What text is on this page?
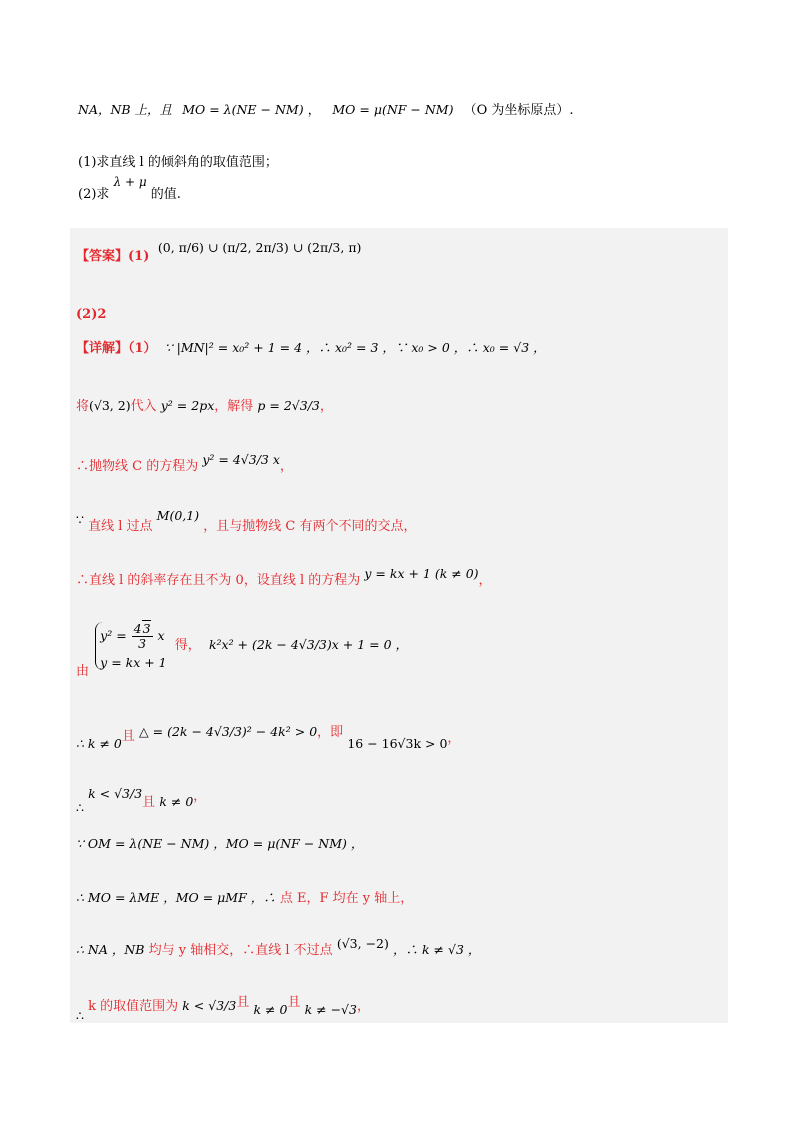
NA，NB 上，且 MO = λ(NE − NM) ， MO = μ(NF − NM) （O 为坐标原点）.
(1)求直线 l 的倾斜角的取值范围；
(2)求 λ + μ 的值.
【答案】(1) (0, π/6) ∪ (π/2, 2π/3) ∪ (2π/3, π)
(2)2
【详解】（1） ∵ |MN|² = x₀² + 1 = 4 ，∴ x₀² = 3 ，∵ x₀ > 0 ，∴ x₀ = √3 ，
将(√3, 2)代入 y² = 2px，解得 p = 2√3/3，
∴抛物线 C 的方程为 y² = 4√3/3 x，
∵ 直线 l 过点 M(0,1) ，且与抛物线 C 有两个不同的交点，
∴直线 l 的斜率存在且不为 0，设直线 l 的方程为 y = kx + 1 (k ≠ 0)，
由
$y^2 = \frac{43}{3}$ x
y = kx + 1
得， k²x² + (2k − 4√3/3)x + 1 = 0 ，
∴ k ≠ 0且 △ = (2k − 4√3/3)² − 4k² > 0，即 16 − 16√3k > 0，
∴ k < √3/3且 k ≠ 0，
∵ OM = λ(NE − NM) ，MO = μ(NF − NM) ，
∴ MO = λME ，MO = μMF ，∴ 点 E，F 均在 y 轴上，
∴ NA ，NB 均与 y 轴相交，∴直线 l 不过点 (√3, −2) ，∴ k ≠ √3 ，
∴ k 的取值范围为 k < √3/3且 k ≠ 0且 k ≠ −√3，
